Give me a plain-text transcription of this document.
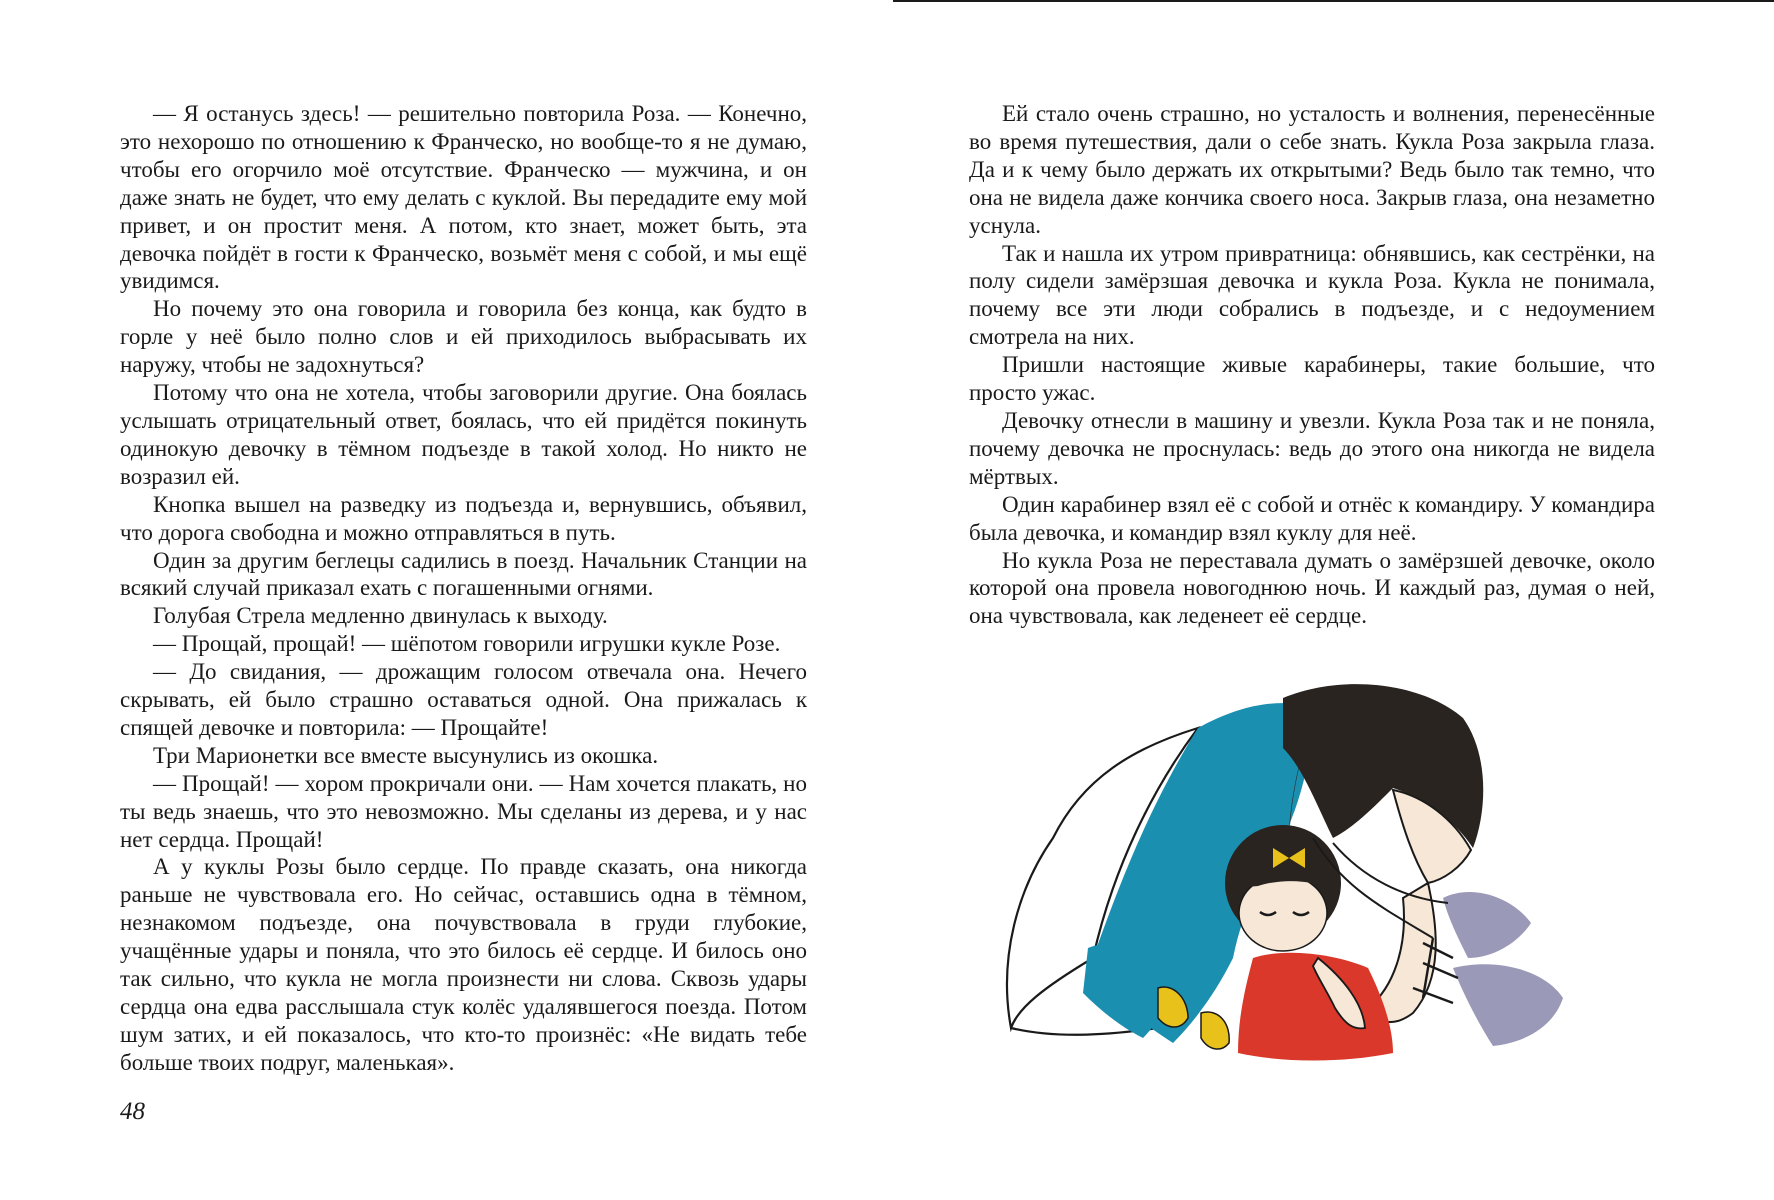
— Я останусь здесь! — решительно повторила Роза. — Конечно, это нехорошо по отношению к Франческо, но вообще-то я не думаю, чтобы его огорчило моё отсутствие. Франческо — мужчина, и он даже знать не будет, что ему делать с куклой. Вы передадите ему мой привет, и он простит меня. А потом, кто знает, может быть, эта девочка пойдёт в гости к Франческо, возьмёт меня с собой, и мы ещё увидимся.

Но почему это она говорила и говорила без конца, как будто в горле у неё было полно слов и ей приходилось выбрасывать их наружу, чтобы не задохнуться?

Потому что она не хотела, чтобы заговорили другие. Она боялась услышать отрицательный ответ, боялась, что ей придётся покинуть одинокую девочку в тёмном подъезде в такой холод. Но никто не возразил ей.

Кнопка вышел на разведку из подъезда и, вернувшись, объявил, что дорога свободна и можно отправляться в путь.

Один за другим беглецы садились в поезд. Начальник Станции на всякий случай приказал ехать с погашенными огнями.

Голубая Стрела медленно двинулась к выходу.

— Прощай, прощай! — шёпотом говорили игрушки кукле Розе.

— До свидания, — дрожащим голосом отвечала она. Нечего скрывать, ей было страшно оставаться одной. Она прижалась к спящей девочке и повторила: — Прощайте!

Три Марионетки все вместе высунулись из окошка.

— Прощай! — хором прокричали они. — Нам хочется плакать, но ты ведь знаешь, что это невозможно. Мы сделаны из дерева, и у нас нет сердца. Прощай!

А у куклы Розы было сердце. По правде сказать, она никогда раньше не чувствовала его. Но сейчас, оставшись одна в тёмном, незнакомом подъезде, она почувствовала в груди глубокие, учащённые удары и поняла, что это билось её сердце. И билось оно так сильно, что кукла не могла произнести ни слова. Сквозь удары сердца она едва расслышала стук колёс удалявшегося поезда. Потом шум затих, и ей показалось, что кто-то произнёс: «Не видать тебе больше твоих подруг, маленькая».

48

Ей стало очень страшно, но усталость и волнения, перенесённые во время путешествия, дали о себе знать. Кукла Роза закрыла глаза. Да и к чему было держать их открытыми? Ведь было так темно, что она не видела даже кончика своего носа. Закрыв глаза, она незаметно уснула.

Так и нашла их утром привратница: обнявшись, как сестрёнки, на полу сидели замёрзшая девочка и кукла Роза. Кукла не понимала, почему все эти люди собрались в подъезде, и с недоумением смотрела на них.

Пришли настоящие живые карабинеры, такие большие, что просто ужас.

Девочку отнесли в машину и увезли. Кукла Роза так и не поняла, почему девочка не проснулась: ведь до этого она никогда не видела мёртвых.

Один карабинер взял её с собой и отнёс к командиру. У командира была девочка, и командир взял куклу для неё.

Но кукла Роза не переставала думать о замёрзшей девочке, около которой она провела новогоднюю ночь. И каждый раз, думая о ней, она чувствовала, как леденеет её сердце.
